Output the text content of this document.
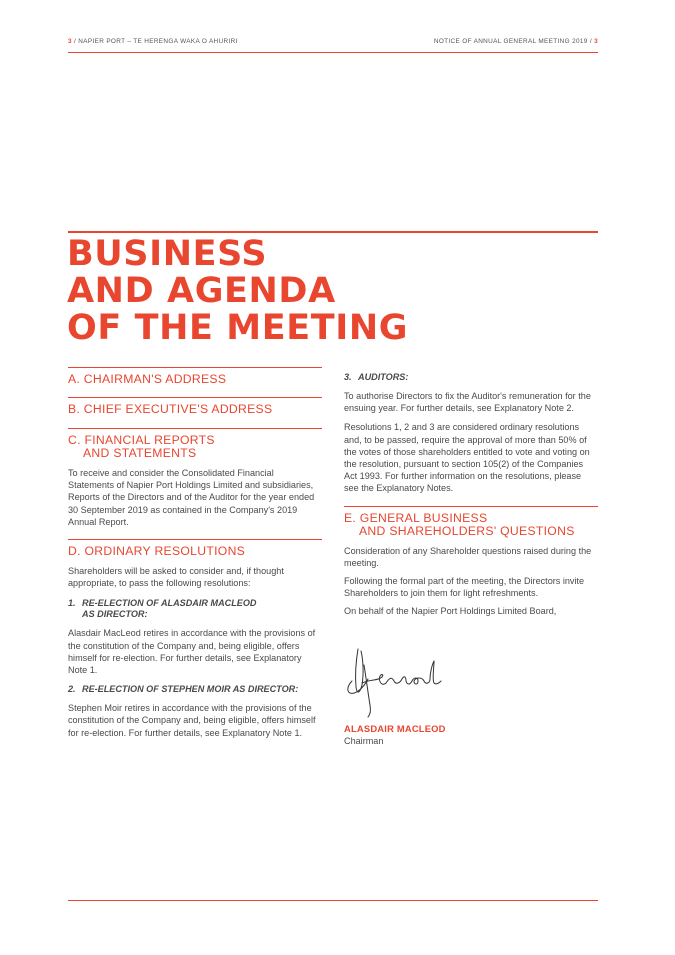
3 / NAPIER PORT – TE HERENGA WAKA O AHURIRI	NOTICE OF ANNUAL GENERAL MEETING 2019 / 3
BUSINESS
AND AGENDA
OF THE MEETING
A. CHAIRMAN'S ADDRESS
B. CHIEF EXECUTIVE'S ADDRESS
C. FINANCIAL REPORTS
AND STATEMENTS

To receive and consider the Consolidated Financial Statements of Napier Port Holdings Limited and subsidiaries, Reports of the Directors and of the Auditor for the year ended 30 September 2019 as contained in the Company's 2019 Annual Report.

D. ORDINARY RESOLUTIONS

Shareholders will be asked to consider and, if thought appropriate, to pass the following resolutions:

1. RE-ELECTION OF ALASDAIR MACLEOD
AS DIRECTOR:

Alasdair MacLeod retires in accordance with the provisions of the constitution of the Company and, being eligible, offers himself for re-election. For further details, see Explanatory Note 1.

2. RE-ELECTION OF STEPHEN MOIR AS DIRECTOR:

Stephen Moir retires in accordance with the provisions of the constitution of the Company and, being eligible, offers himself for re-election. For further details, see Explanatory Note 1.

3. AUDITORS:

To authorise Directors to fix the Auditor's remuneration for the ensuing year. For further details, see Explanatory Note 2.

Resolutions 1, 2 and 3 are considered ordinary resolutions and, to be passed, require the approval of more than 50% of the votes of those shareholders entitled to vote and voting on the resolution, pursuant to section 105(2) of the Companies Act 1993. For further information on the resolutions, please see the Explanatory Notes.

E. GENERAL BUSINESS
AND SHAREHOLDERS' QUESTIONS

Consideration of any Shareholder questions raised during the meeting.

Following the formal part of the meeting, the Directors invite Shareholders to join them for light refreshments.

On behalf of the Napier Port Holdings Limited Board,

ALASDAIR MACLEOD
Chairman
